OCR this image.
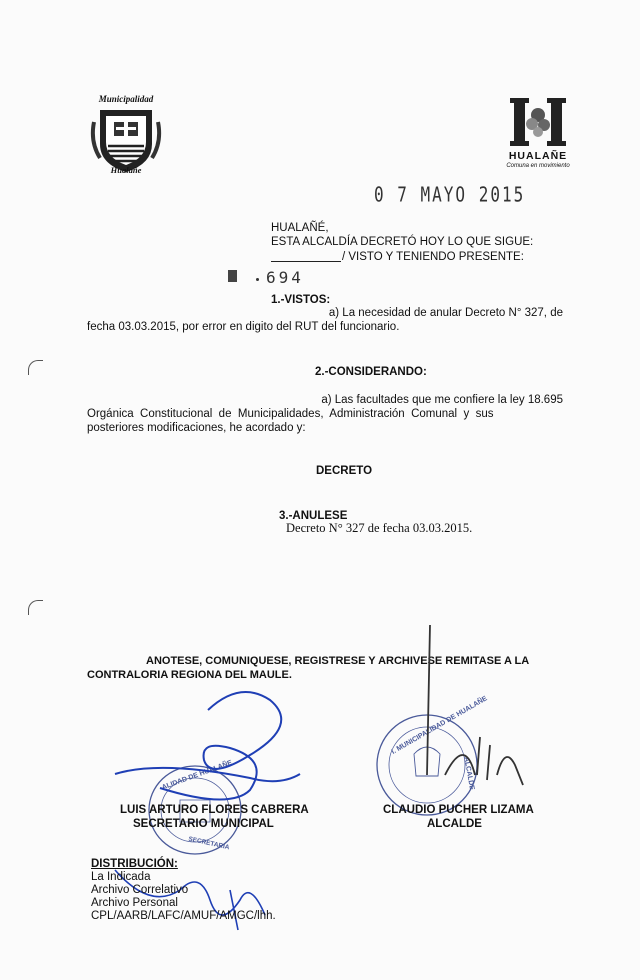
Municipalidad
Hualañe
HUALAÑE
Comuna en movimiento
0 7 MAYO 2015
HUALAÑÉ,
ESTA ALCALDÍA DECRETÓ HOY LO QUE SIGUE:
/ VISTO Y TENIENDO PRESENTE:
694
1.-VISTOS:
a) La necesidad de anular Decreto N° 327, de
fecha 03.03.2015, por error en digito del RUT del funcionario.
2.-CONSIDERANDO:
a) Las facultades que me confiere la ley 18.695
Orgánica  Constitucional  de  Municipalidades,  Administración  Comunal  y  sus
posteriores modificaciones, he acordado y:
DECRETO
3.-ANULESE
Decreto N° 327 de fecha 03.03.2015.
ANOTESE, COMUNIQUESE, REGISTRESE Y ARCHIVESE REMITASE A LA
CONTRALORIA REGIONA DEL MAULE.
ALIDAD DE HUALAÑE
SECRETARIA
I. MUNICIPALIDAD DE HUALAÑE
ALCALDE
LUIS ARTURO FLORES CABRERA
SECRETARIO MUNICIPAL
CLAUDIO PUCHER LIZAMA
ALCALDE
DISTRIBUCIÓN:
La Indicada
Archivo Correlativo
Archivo Personal
CPL/AARB/LAFC/AMUF/AMGC/lhh.
